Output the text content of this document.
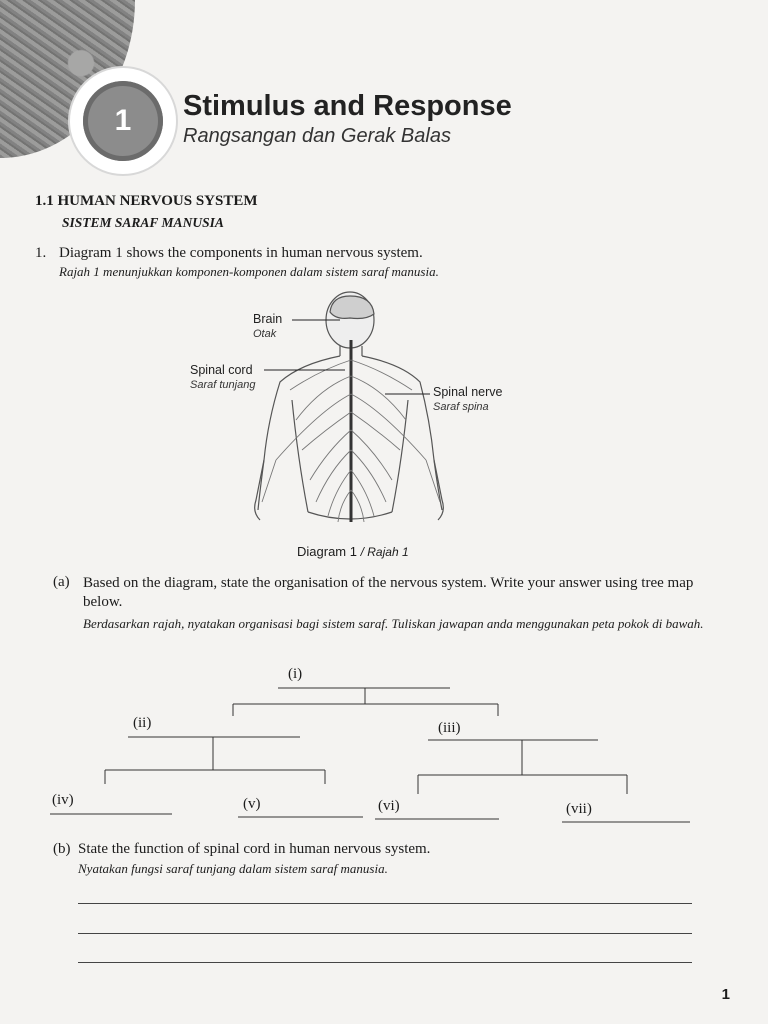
1 Stimulus and Response
Rangsangan dan Gerak Balas
1.1 HUMAN NERVOUS SYSTEM
SISTEM SARAF MANUSIA
1. Diagram 1 shows the components in human nervous system.
Rajah 1 menunjukkan komponen-komponen dalam sistem saraf manusia.
Brain
Otak
Spinal cord
Saraf tunjang	Spinal nerve
Saraf spina
Diagram 1 / Rajah 1
(a) Based on the diagram, state the organisation of the nervous system. Write your answer using tree map below.
Berdasarkan rajah, nyatakan organisasi bagi sistem saraf. Tuliskan jawapan anda menggunakan peta pokok di bawah.
(i)
(ii)	(iii)
(iv)	(v)	(vi)	(vii)
(b) State the function of spinal cord in human nervous system.
Nyatakan fungsi saraf tunjang dalam sistem saraf manusia.
1
